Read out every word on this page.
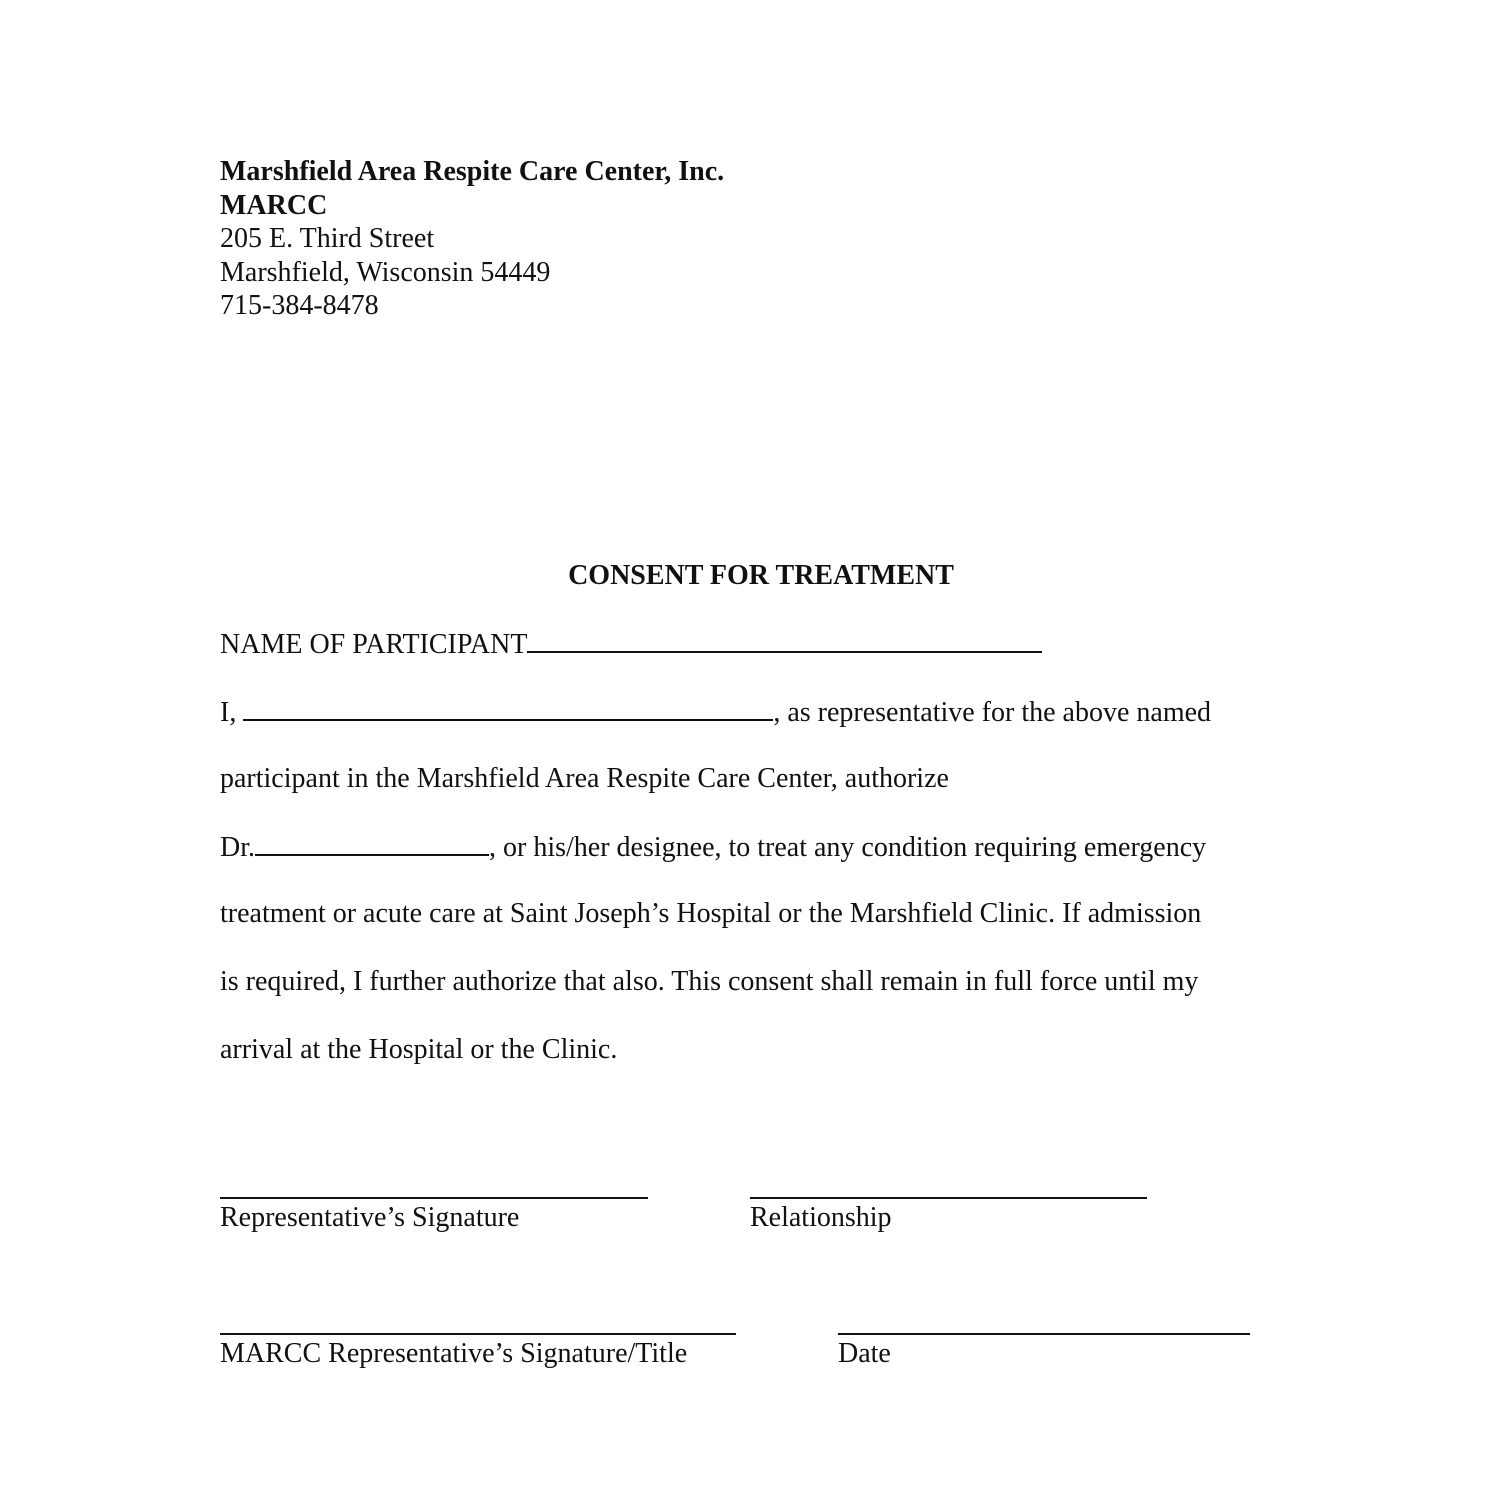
Marshfield Area Respite Care Center, Inc.
MARCC
205 E. Third Street
Marshfield, Wisconsin 54449
715-384-8478
CONSENT FOR TREATMENT
NAME OF PARTICIPANT
I,	, as representative for the above named
participant in the Marshfield Area Respite Care Center, authorize
Dr.	, or his/her designee, to treat any condition requiring emergency
treatment or acute care at Saint Joseph’s Hospital or the Marshfield Clinic. If admission
is required, I further authorize that also. This consent shall remain in full force until my
arrival at the Hospital or the Clinic.
Representative’s Signature	Relationship
MARCC Representative’s Signature/Title	Date
